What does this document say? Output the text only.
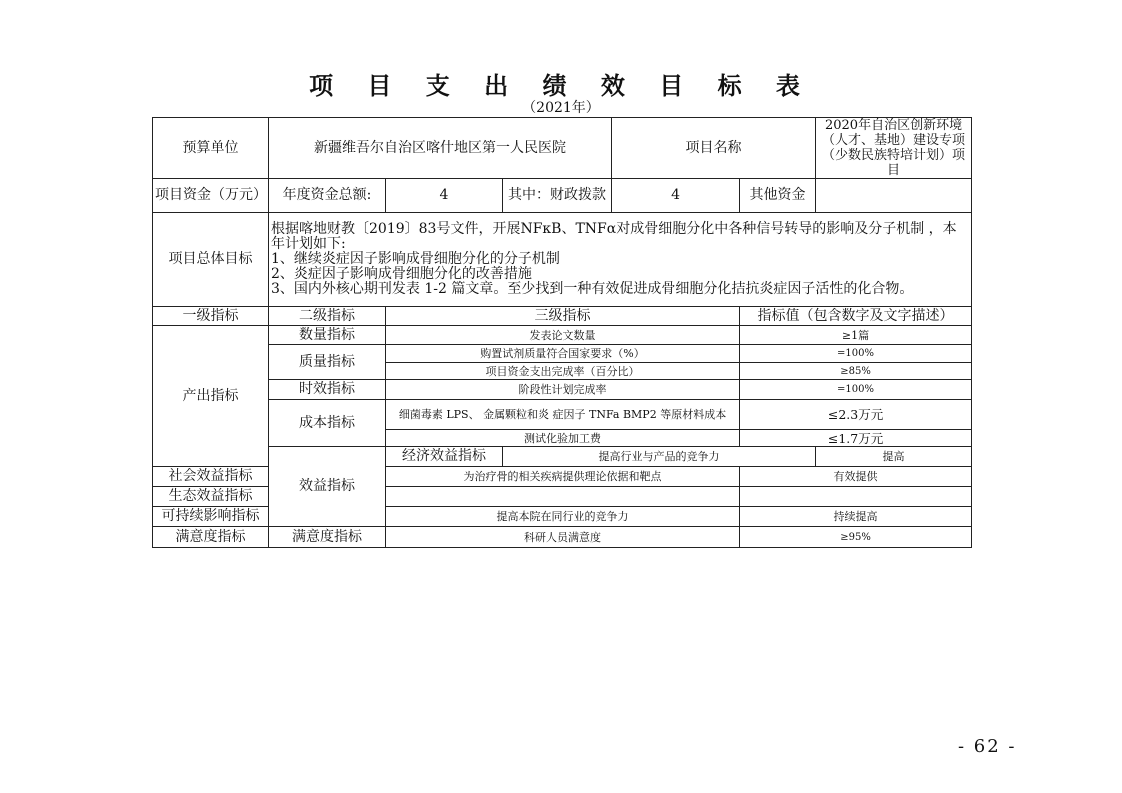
项 目 支 出 绩 效 目 标 表
（2021年）
预算单位	新疆维吾尔自治区喀什地区第一人民医院			项目名称		2020年自治区创新环境（人才、基地）建设专项（少数民族特培计划）项目
项目资金（万元）	年度资金总额:	4	其中：财政拨款	4	其他资金	
项目总体目标	根据喀地财教〔2019〕83号文件，开展NFκB、TNFα对成骨细胞分化中各种信号转导的影响及分子机制 ，本年计划如下:
1、继续炎症因子影响成骨细胞分化的分子机制
2、炎症因子影响成骨细胞分化的改善措施
3、国内外核心期刊发表 1-2 篇文章。至少找到一种有效促进成骨细胞分化拮抗炎症因子活性的化合物。					

一级指标	二级指标	三级指标			指标值（包含数字及文字描述）	
产出指标	数量指标	发表论文数量			≥1篇	
	质量指标	购置试剂质量符合国家要求（%）			=100%	
		项目资金支出完成率（百分比）			≥85%	
	时效指标	阶段性计划完成率			=100%	
	成本指标	细菌毒素 LPS、 金属颗粒和炎 症因子 TNFa BMP2 等原材料成本			≤2.3万元	
		测试化验加工费			≤1.7万元	
	效益指标	经济效益指标	提高行业与产品的竞争力			提高
社会效益指标		为治疗骨的相关疾病提供理论依据和靶点			有效提供	
生态效益指标						
可持续影响指标		提高本院在同行业的竞争力			持续提高	
满意度指标	满意度指标	科研人员满意度			≥95%	
- 62 -
